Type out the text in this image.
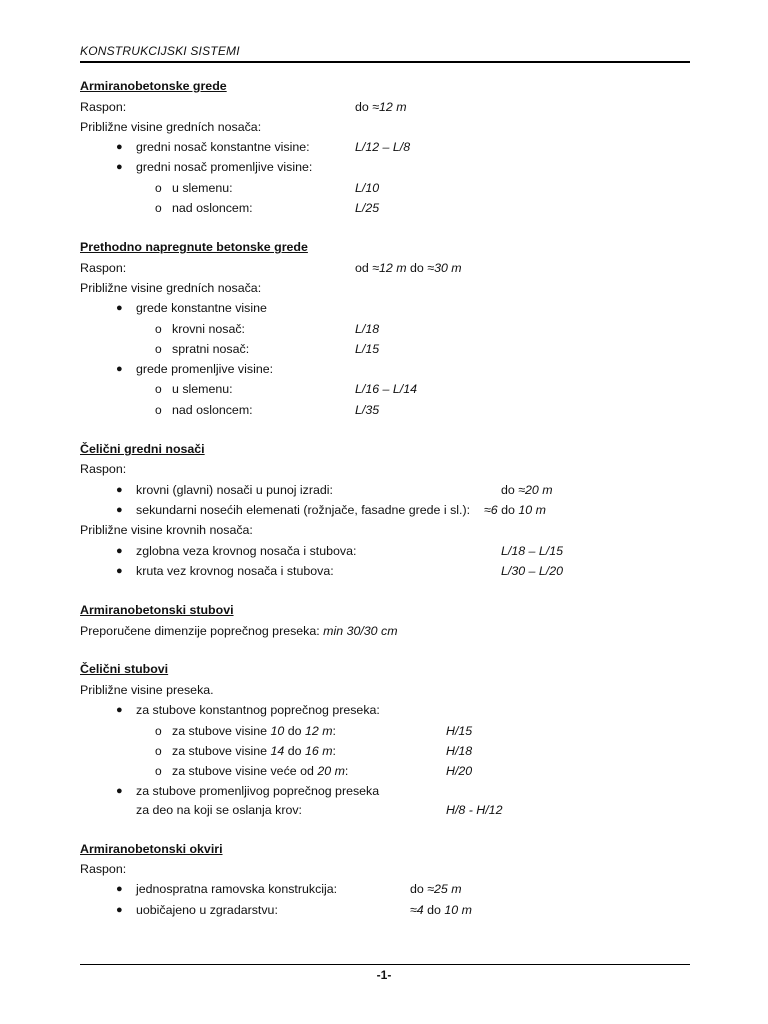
KONSTRUKCIJSKI SISTEMI
Armiranobetonske grede
Raspon:	do ≈12 m
Približne visine gredních nosača:
● gredni nosač konstantne visine:	L/12 – L/8
● gredni nosač promenljive visine:
o u slemenu:	L/10
o nad osloncem:	L/25
Prethodno napregnute betonske grede
Raspon:	od ≈12 m do ≈30 m
Približne visine gredních nosača:
● grede konstantne visine
o krovni nosač:	L/18
o spratni nosač:	L/15
● grede promenljive visine:
o u slemenu:	L/16 – L/14
o nad osloncem:	L/35
Čelični gredni nosači
Raspon:
● krovni (glavni) nosači u punoj izradi:	do ≈20 m
● sekundarni nosećih elemenati (rožnjače, fasadne grede i sl.): ≈6 do 10 m
Približne visine krovnih nosača:
● zglobna veza krovnog nosača i stubova:	L/18 – L/15
● kruta vez krovnog nosača i stubova:	L/30 – L/20
Armiranobetonski stubovi
Preporučene dimenzije poprečnog preseka: min 30/30 cm
Čelični stubovi
Približne visine preseka.
● za stubove konstantnog poprečnog preseka:
o za stubove visine 10 do 12 m:	H/15
o za stubove visine 14 do 16 m:	H/18
o za stubove visine veće od 20 m:	H/20
● za stubove promenljivog poprečnog preseka
za deo na koji se oslanja krov:	H/8 - H/12
Armiranobetonski okviri
Raspon:
● jednospratna ramovska konstrukcija:	do ≈25 m
● uobičajeno u zgradarstvu:	≈4 do 10 m
-1-
